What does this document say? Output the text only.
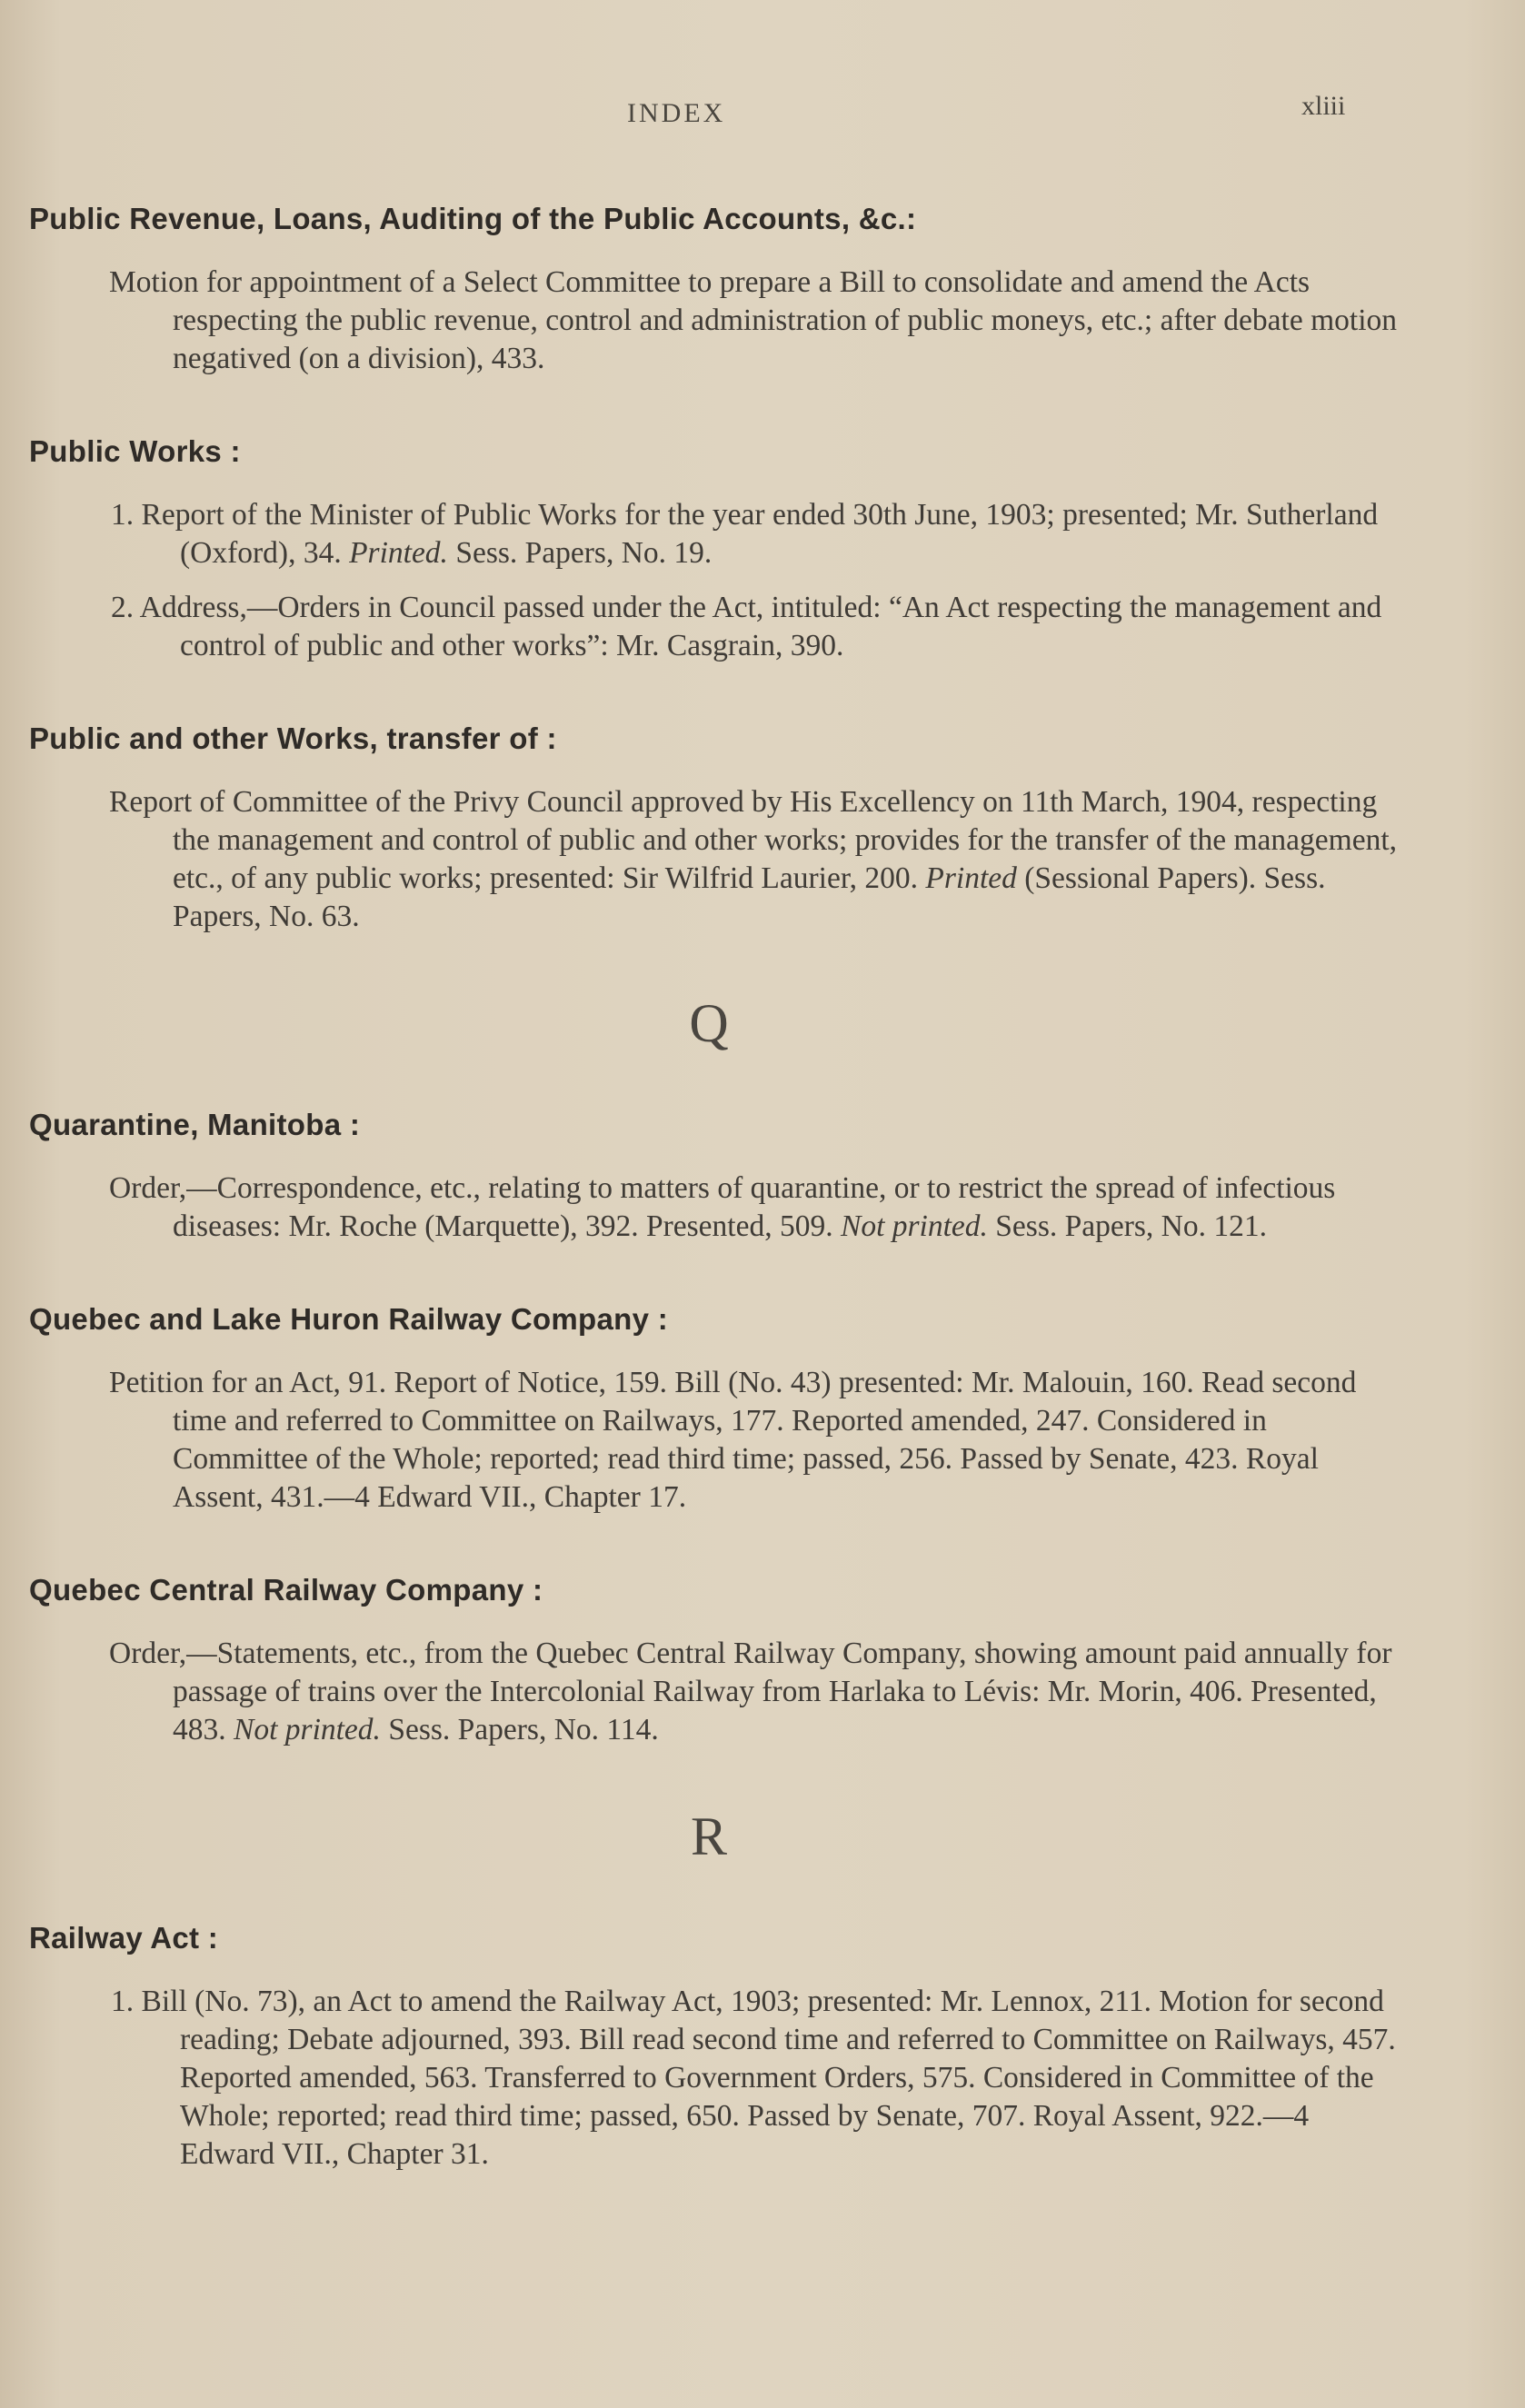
INDEX	xliii
Public Revenue, Loans, Auditing of the Public Accounts, &c.:

Motion for appointment of a Select Committee to prepare a Bill to consolidate and amend the Acts respecting the public revenue, control and administration of public moneys, etc.; after debate motion negatived (on a division), 433.

Public Works :

1. Report of the Minister of Public Works for the year ended 30th June, 1903; presented; Mr. Sutherland (Oxford), 34. Printed. Sess. Papers, No. 19.

2. Address,—Orders in Council passed under the Act, intituled: “An Act respecting the management and control of public and other works”: Mr. Casgrain, 390.

Public and other Works, transfer of :

Report of Committee of the Privy Council approved by His Excellency on 11th March, 1904, respecting the management and control of public and other works; provides for the transfer of the management, etc., of any public works; presented: Sir Wilfrid Laurier, 200. Printed (Sessional Papers). Sess. Papers, No. 63.

Q
Quarantine, Manitoba :

Order,—Correspondence, etc., relating to matters of quarantine, or to restrict the spread of infectious diseases: Mr. Roche (Marquette), 392. Presented, 509. Not printed. Sess. Papers, No. 121.

Quebec and Lake Huron Railway Company :

Petition for an Act, 91. Report of Notice, 159. Bill (No. 43) presented: Mr. Malouin, 160. Read second time and referred to Committee on Railways, 177. Reported amended, 247. Considered in Committee of the Whole; reported; read third time; passed, 256. Passed by Senate, 423. Royal Assent, 431.—4 Edward VII., Chapter 17.

Quebec Central Railway Company :

Order,—Statements, etc., from the Quebec Central Railway Company, showing amount paid annually for passage of trains over the Intercolonial Railway from Harlaka to Lévis: Mr. Morin, 406. Presented, 483. Not printed. Sess. Papers, No. 114.

R
Railway Act :

1. Bill (No. 73), an Act to amend the Railway Act, 1903; presented: Mr. Lennox, 211. Motion for second reading; Debate adjourned, 393. Bill read second time and referred to Committee on Railways, 457. Reported amended, 563. Transferred to Government Orders, 575. Considered in Committee of the Whole; reported; read third time; passed, 650. Passed by Senate, 707. Royal Assent, 922.—4 Edward VII., Chapter 31.
